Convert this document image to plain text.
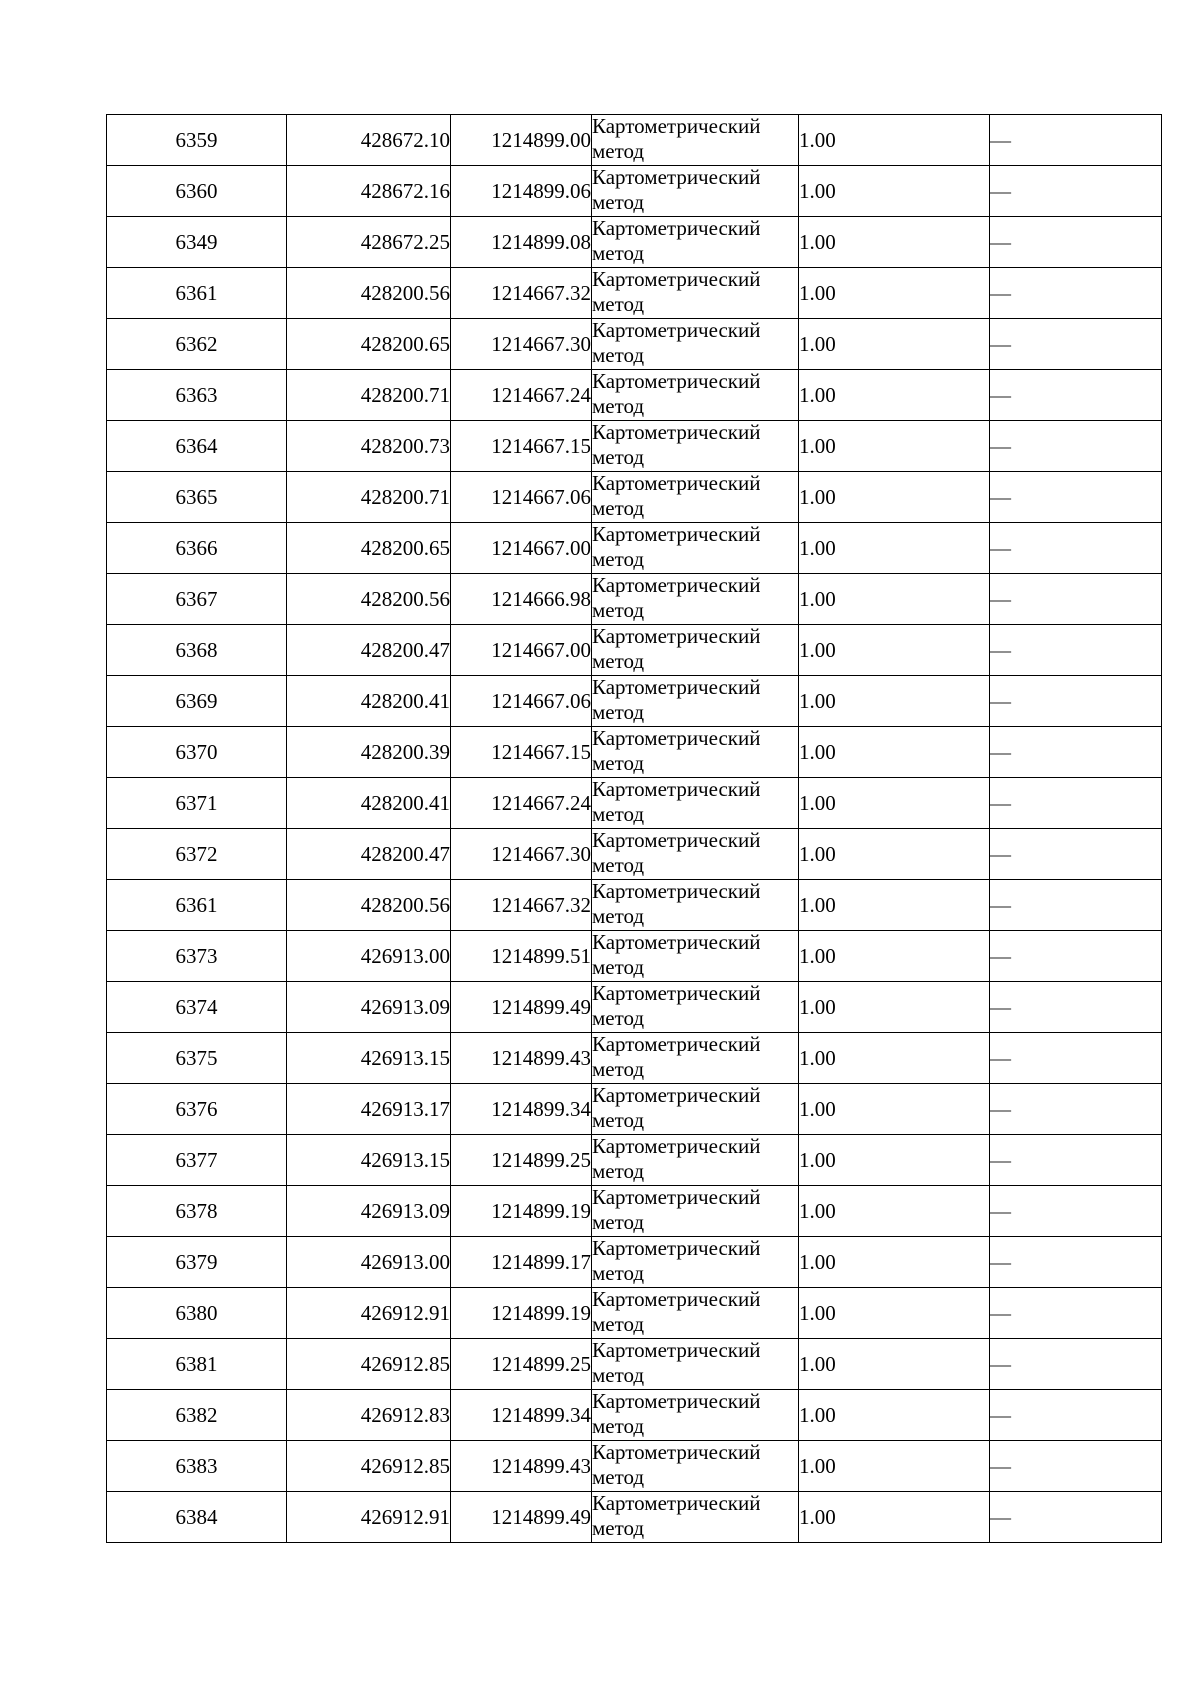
6359	428672.10	1214899.00	Картометрический метод	1.00	—
6360	428672.16	1214899.06	Картометрический метод	1.00	—
6349	428672.25	1214899.08	Картометрический метод	1.00	—
6361	428200.56	1214667.32	Картометрический метод	1.00	—
6362	428200.65	1214667.30	Картометрический метод	1.00	—
6363	428200.71	1214667.24	Картометрический метод	1.00	—
6364	428200.73	1214667.15	Картометрический метод	1.00	—
6365	428200.71	1214667.06	Картометрический метод	1.00	—
6366	428200.65	1214667.00	Картометрический метод	1.00	—
6367	428200.56	1214666.98	Картометрический метод	1.00	—
6368	428200.47	1214667.00	Картометрический метод	1.00	—
6369	428200.41	1214667.06	Картометрический метод	1.00	—
6370	428200.39	1214667.15	Картометрический метод	1.00	—
6371	428200.41	1214667.24	Картометрический метод	1.00	—
6372	428200.47	1214667.30	Картометрический метод	1.00	—
6361	428200.56	1214667.32	Картометрический метод	1.00	—
6373	426913.00	1214899.51	Картометрический метод	1.00	—
6374	426913.09	1214899.49	Картометрический метод	1.00	—
6375	426913.15	1214899.43	Картометрический метод	1.00	—
6376	426913.17	1214899.34	Картометрический метод	1.00	—
6377	426913.15	1214899.25	Картометрический метод	1.00	—
6378	426913.09	1214899.19	Картометрический метод	1.00	—
6379	426913.00	1214899.17	Картометрический метод	1.00	—
6380	426912.91	1214899.19	Картометрический метод	1.00	—
6381	426912.85	1214899.25	Картометрический метод	1.00	—
6382	426912.83	1214899.34	Картометрический метод	1.00	—
6383	426912.85	1214899.43	Картометрический метод	1.00	—
6384	426912.91	1214899.49	Картометрический метод	1.00	—
